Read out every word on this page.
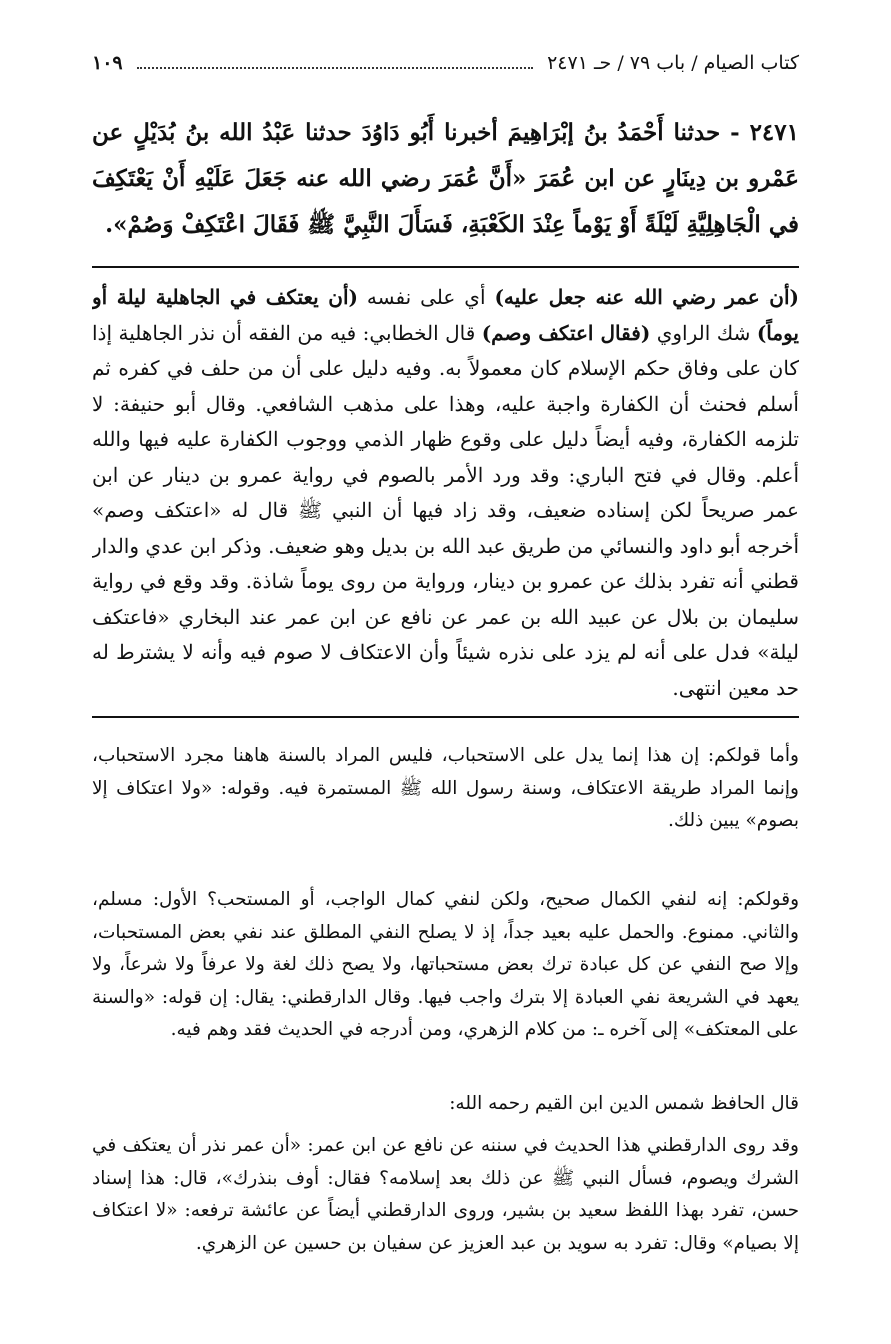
كتاب الصيام / باب ٧٩ / حـ ٢٤٧١
١٠٩
٢٤٧١ - حدثنا أَحْمَدُ بنُ إبْرَاهِيمَ أخبرنا أَبُو دَاوُدَ حدثنا عَبْدُ الله بنُ بُدَيْلٍ عن عَمْرو بن دِينَارٍ عن ابن عُمَرَ «أَنَّ عُمَرَ رضي الله عنه جَعَلَ عَلَيْهِ أَنْ يَعْتَكِفَ في الْجَاهِلِيَّةِ لَيْلَةً أَوْ يَوْماً عِنْدَ الكَعْبَةِ، فَسَأَلَ النَّبِيَّ ﷺ فَقَالَ اعْتَكِفْ وَصُمْ».
(أن عمر رضي الله عنه جعل عليه) أي على نفسه (أن يعتكف في الجاهلية ليلة أو يوماً) شك الراوي (فقال اعتكف وصم) قال الخطابي: فيه من الفقه أن نذر الجاهلية إذا كان على وفاق حكم الإسلام كان معمولاً به. وفيه دليل على أن من حلف في كفره ثم أسلم فحنث أن الكفارة واجبة عليه، وهذا على مذهب الشافعي. وقال أبو حنيفة: لا تلزمه الكفارة، وفيه أيضاً دليل على وقوع ظهار الذمي ووجوب الكفارة عليه فيها والله أعلم. وقال في فتح الباري: وقد ورد الأمر بالصوم في رواية عمرو بن دينار عن ابن عمر صريحاً لكن إسناده ضعيف، وقد زاد فيها أن النبي ﷺ قال له «اعتكف وصم» أخرجه أبو داود والنسائي من طريق عبد الله بن بديل وهو ضعيف. وذكر ابن عدي والدار قطني أنه تفرد بذلك عن عمرو بن دينار، ورواية من روى يوماً شاذة. وقد وقع في رواية سليمان بن بلال عن عبيد الله بن عمر عن نافع عن ابن عمر عند البخاري «فاعتكف ليلة» فدل على أنه لم يزد على نذره شيئاً وأن الاعتكاف لا صوم فيه وأنه لا يشترط له حد معين انتهى.

وأما قولكم: إن هذا إنما يدل على الاستحباب، فليس المراد بالسنة هاهنا مجرد الاستحباب، وإنما المراد طريقة الاعتكاف، وسنة رسول الله ﷺ المستمرة فيه. وقوله: «ولا اعتكاف إلا بصوم» يبين ذلك.

وقولكم: إنه لنفي الكمال صحيح، ولكن لنفي كمال الواجب، أو المستحب؟ الأول: مسلم، والثاني. ممنوع. والحمل عليه بعيد جداً، إذ لا يصلح النفي المطلق عند نفي بعض المستحبات، وإلا صح النفي عن كل عبادة ترك بعض مستحباتها، ولا يصح ذلك لغة ولا عرفاً ولا شرعاً، ولا يعهد في الشريعة نفي العبادة إلا بترك واجب فيها. وقال الدارقطني: يقال: إن قوله: «والسنة على المعتكف» إلى آخره ـ: من كلام الزهري، ومن أدرجه في الحديث فقد وهم فيه.

قال الحافظ شمس الدين ابن القيم رحمه الله:

وقد روى الدارقطني هذا الحديث في سننه عن نافع عن ابن عمر: «أن عمر نذر أن يعتكف في الشرك ويصوم، فسأل النبي ﷺ عن ذلك بعد إسلامه؟ فقال: أوف بنذرك»، قال: هذا إسناد حسن، تفرد بهذا اللفظ سعيد بن بشير، وروى الدارقطني أيضاً عن عائشة ترفعه: «لا اعتكاف إلا بصيام» وقال: تفرد به سويد بن عبد العزيز عن سفيان بن حسين عن الزهري.
